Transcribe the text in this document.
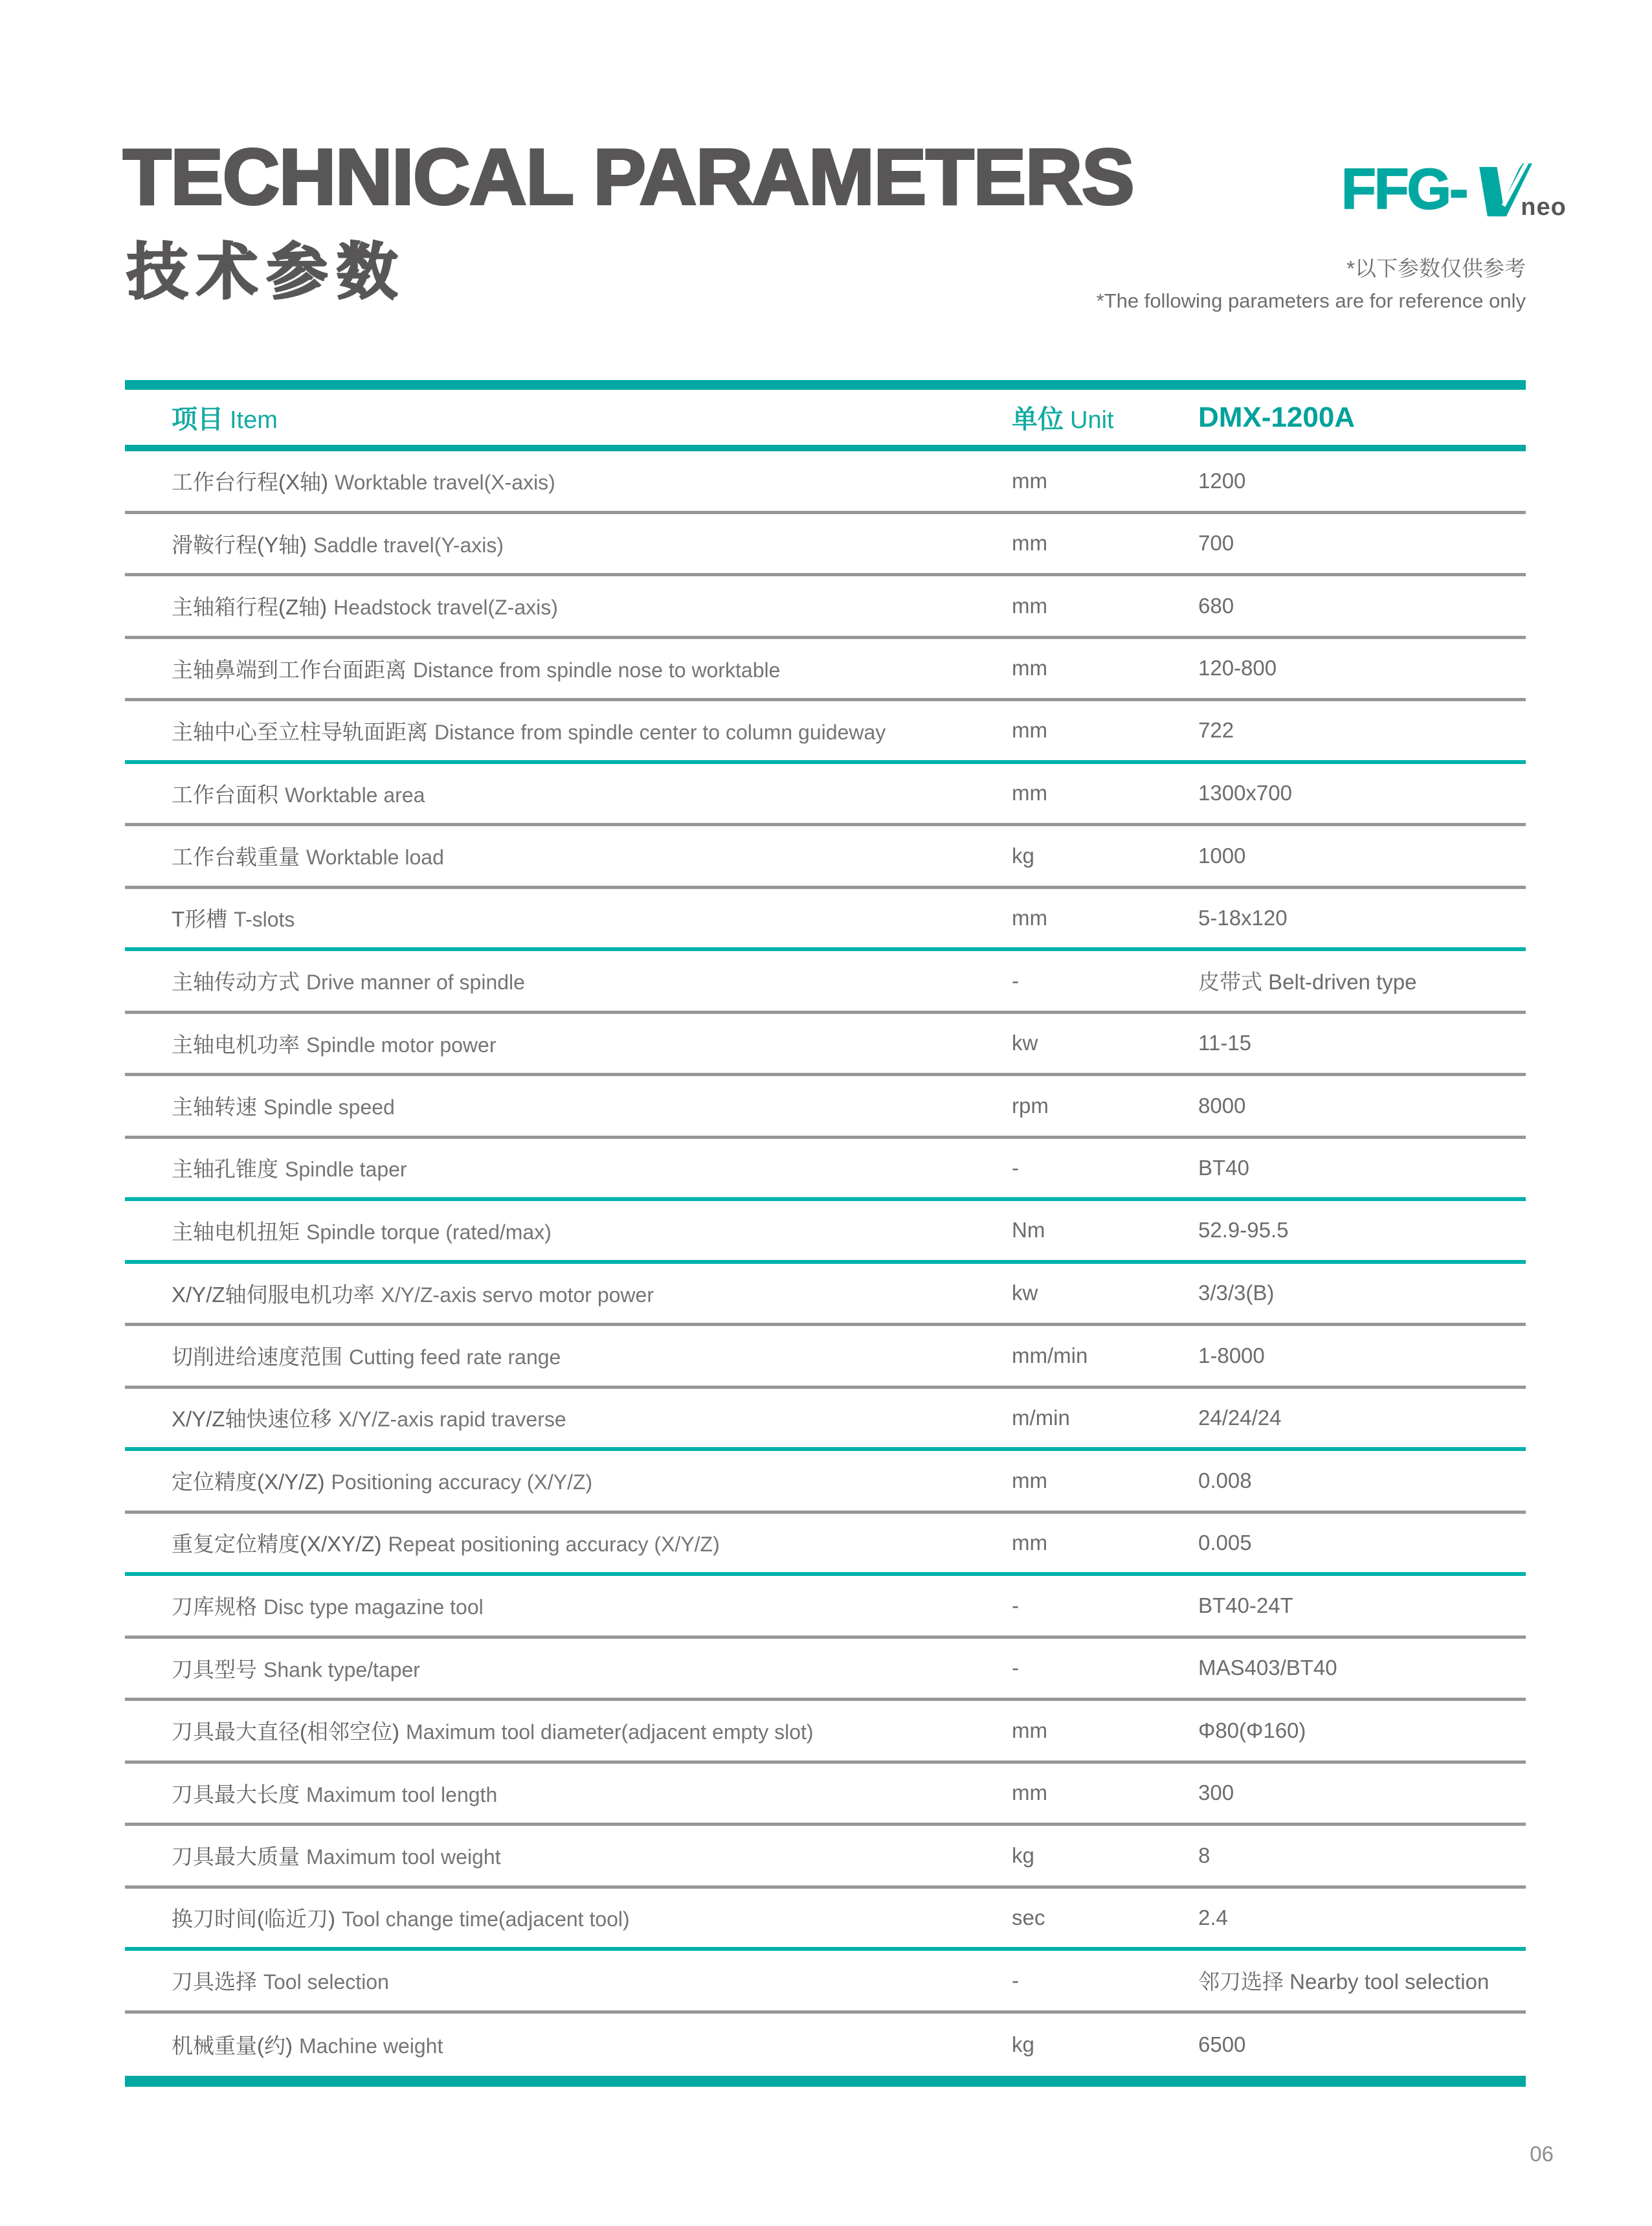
TECHNICAL PARAMETERS
技术参数
FFG- neo
*以下参数仅供参考
*The following parameters are for reference only
项目 Item	单位 Unit	DMX-1200A
工作台行程(X轴) Worktable travel(X-axis)	mm	1200
滑鞍行程(Y轴) Saddle travel(Y-axis)	mm	700
主轴箱行程(Z轴) Headstock travel(Z-axis)	mm	680
主轴鼻端到工作台面距离 Distance from spindle nose to worktable	mm	120-800
主轴中心至立柱导轨面距离 Distance from spindle center to column guideway	mm	722
工作台面积 Worktable area	mm	1300x700
工作台载重量 Worktable load	kg	1000
T形槽 T-slots	mm	5-18x120
主轴传动方式 Drive manner of spindle	-	皮带式 Belt-driven type
主轴电机功率 Spindle motor power	kw	11-15
主轴转速 Spindle speed	rpm	8000
主轴孔锥度 Spindle taper	-	BT40
主轴电机扭矩 Spindle torque (rated/max)	Nm	52.9-95.5
X/Y/Z轴伺服电机功率 X/Y/Z-axis servo motor power	kw	3/3/3(B)
切削进给速度范围 Cutting feed rate range	mm/min	1-8000
X/Y/Z轴快速位移 X/Y/Z-axis rapid traverse	m/min	24/24/24
定位精度(X/Y/Z) Positioning accuracy (X/Y/Z)	mm	0.008
重复定位精度(X/XY/Z) Repeat positioning accuracy (X/Y/Z)	mm	0.005
刀库规格 Disc type magazine tool	-	BT40-24T
刀具型号 Shank type/taper	-	MAS403/BT40
刀具最大直径(相邻空位) Maximum tool diameter(adjacent empty slot)	mm	Φ80(Φ160)
刀具最大长度 Maximum tool length	mm	300
刀具最大质量 Maximum tool weight	kg	8
换刀时间(临近刀) Tool change time(adjacent tool)	sec	2.4
刀具选择 Tool selection	-	邻刀选择 Nearby tool selection
机械重量(约) Machine weight	kg	6500
06
